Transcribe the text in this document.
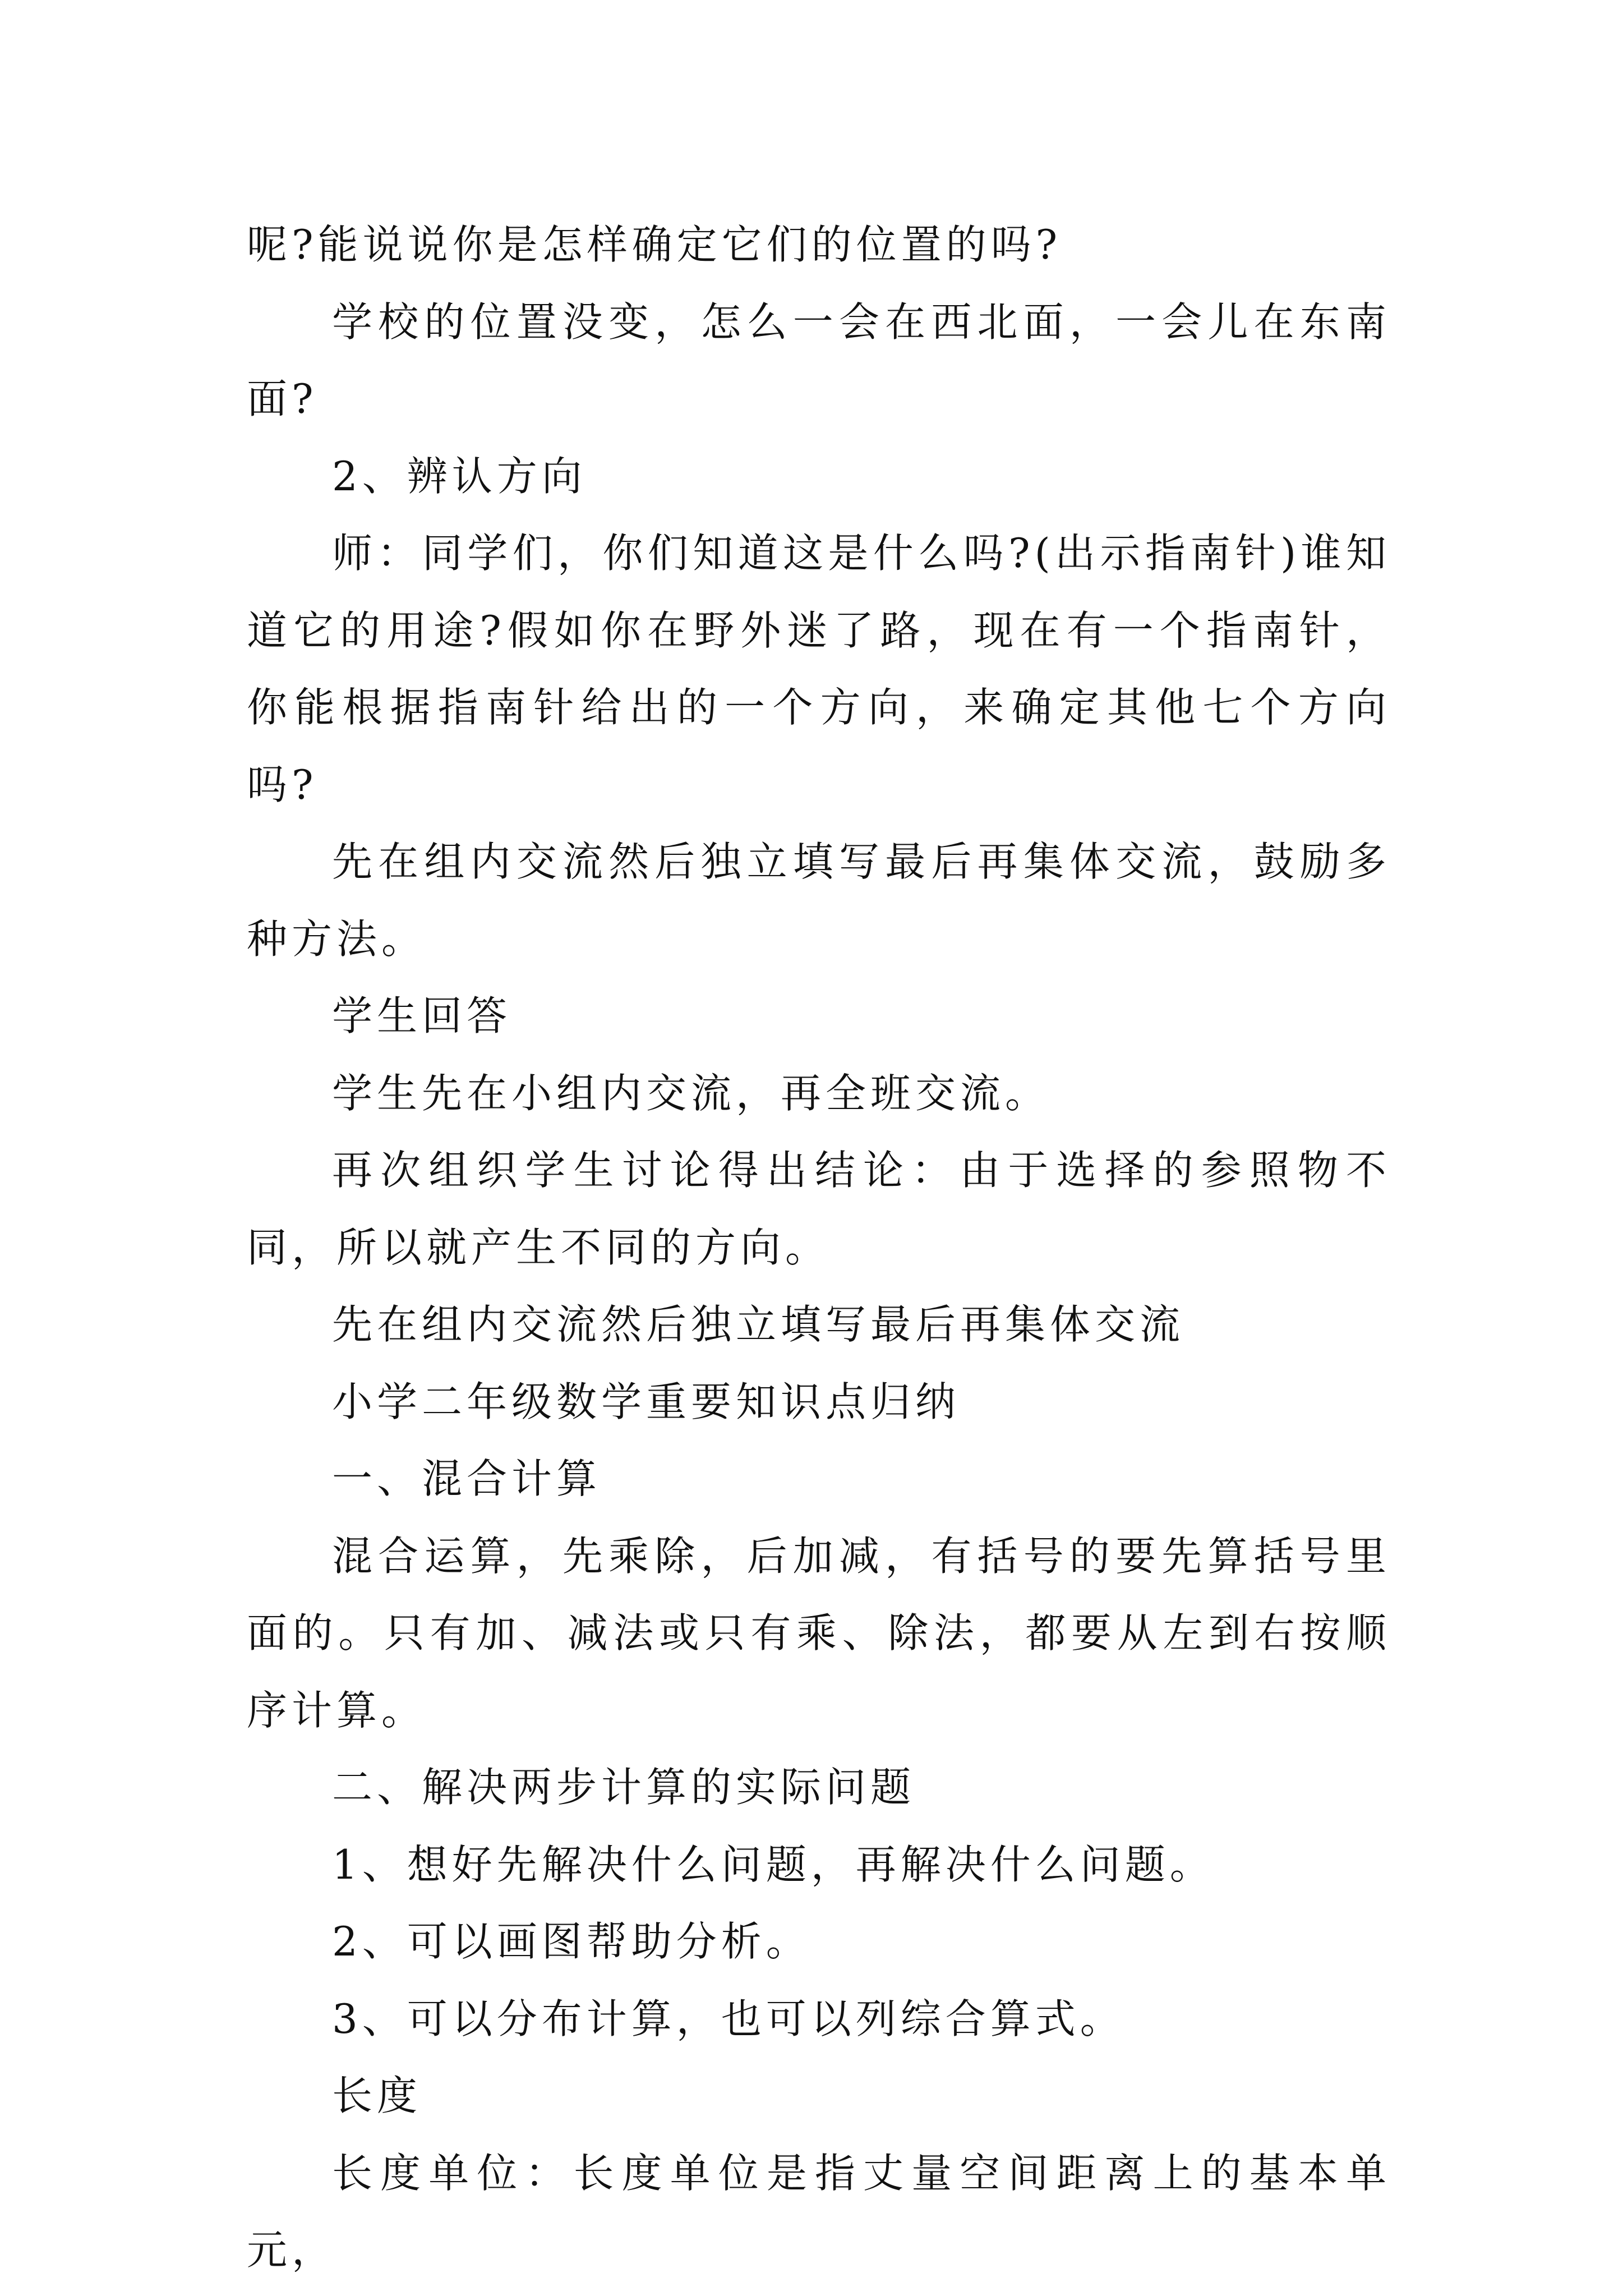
呢?能说说你是怎样确定它们的位置的吗?

学校的位置没变，怎么一会在西北面，一会儿在东南面?

2、辨认方向

师：同学们，你们知道这是什么吗?(出示指南针)谁知道它的用途?假如你在野外迷了路，现在有一个指南针，你能根据指南针给出的一个方向，来确定其他七个方向吗?

先在组内交流然后独立填写最后再集体交流，鼓励多种方法。

学生回答

学生先在小组内交流，再全班交流。

再次组织学生讨论得出结论：由于选择的参照物不同，所以就产生不同的方向。

先在组内交流然后独立填写最后再集体交流

小学二年级数学重要知识点归纳

一、混合计算

混合运算，先乘除，后加减，有括号的要先算括号里面的。只有加、减法或只有乘、除法，都要从左到右按顺序计算。

二、解决两步计算的实际问题

1、想好先解决什么问题，再解决什么问题。

2、可以画图帮助分析。

3、可以分布计算，也可以列综合算式。

长度

长度单位：长度单位是指丈量空间距离上的基本单元，
